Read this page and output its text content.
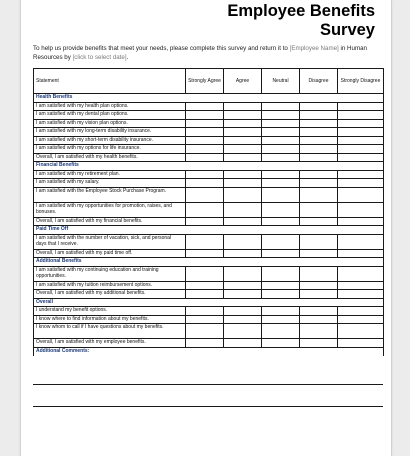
Employee Benefits
Survey
To help us provide benefits that meet your needs, please complete this survey and return it to [Employee Name] in Human Resources by [click to select date].
Statement	Strongly Agree	Agree	Neutral	Disagree	Strongly Disagree
Health Benefits					
I am satisfied with my health plan options.					
I am satisfied with my dental plan options.					
I am satisfied with my vision plan options.					
I am satisfied with my long-term disability insurance.					
I am satisfied with my short-term disability insurance.					
I am satisfied with my options for life insurance.					
Overall, I am satisfied with my health benefits.					
Financial Benefits					
I am satisfied with my retirement plan.					
I am satisfied with my salary.					
I am satisfied with the Employee Stock Purchase Program.					
I am satisfied with my opportunities for promotion, raises, and bonuses.					
Overall, I am satisfied with my financial benefits.					
Paid Time Off					
I am satisfied with the number of vacation, sick, and personal days that I receive.					
Overall, I am satisfied with my paid time off.					
Additional Benefits					
I am satisfied with my continuing education and training opportunities.					
I am satisfied with my tuition reimbursement options.					
Overall, I am satisfied with my additional benefits.					
Overall					
I understand my benefit options.					
I know where to find information about my benefits.					
I know whom to call if I have questions about my benefits.					
Overall, I am satisfied with my employee benefits.					
Additional Comments:					
